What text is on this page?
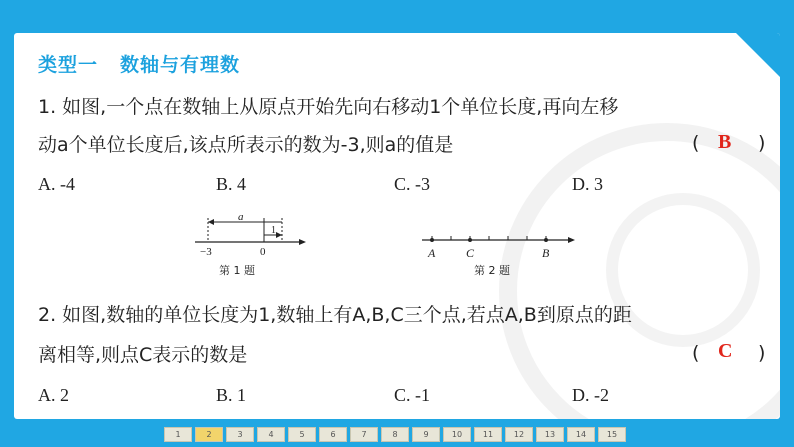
类型一 数轴与有理数
1. 如图,一个点在数轴上从原点开始先向右移动1个单位长度,再向左移
动a个单位长度后,该点所表示的数为-3,则a的值是	( B )
A. -4	B. 4	C. -3	D. 3
a
1
−3	0
第 1 题
A	C	B
第 2 题
2. 如图,数轴的单位长度为1,数轴上有A,B,C三个点,若点A,B到原点的距
离相等,则点C表示的数是	( C )
A. 2	B. 1	C. -1	D. -2
1	2	3	4	5	6	7	8	9	10	11	12	13	14	15
